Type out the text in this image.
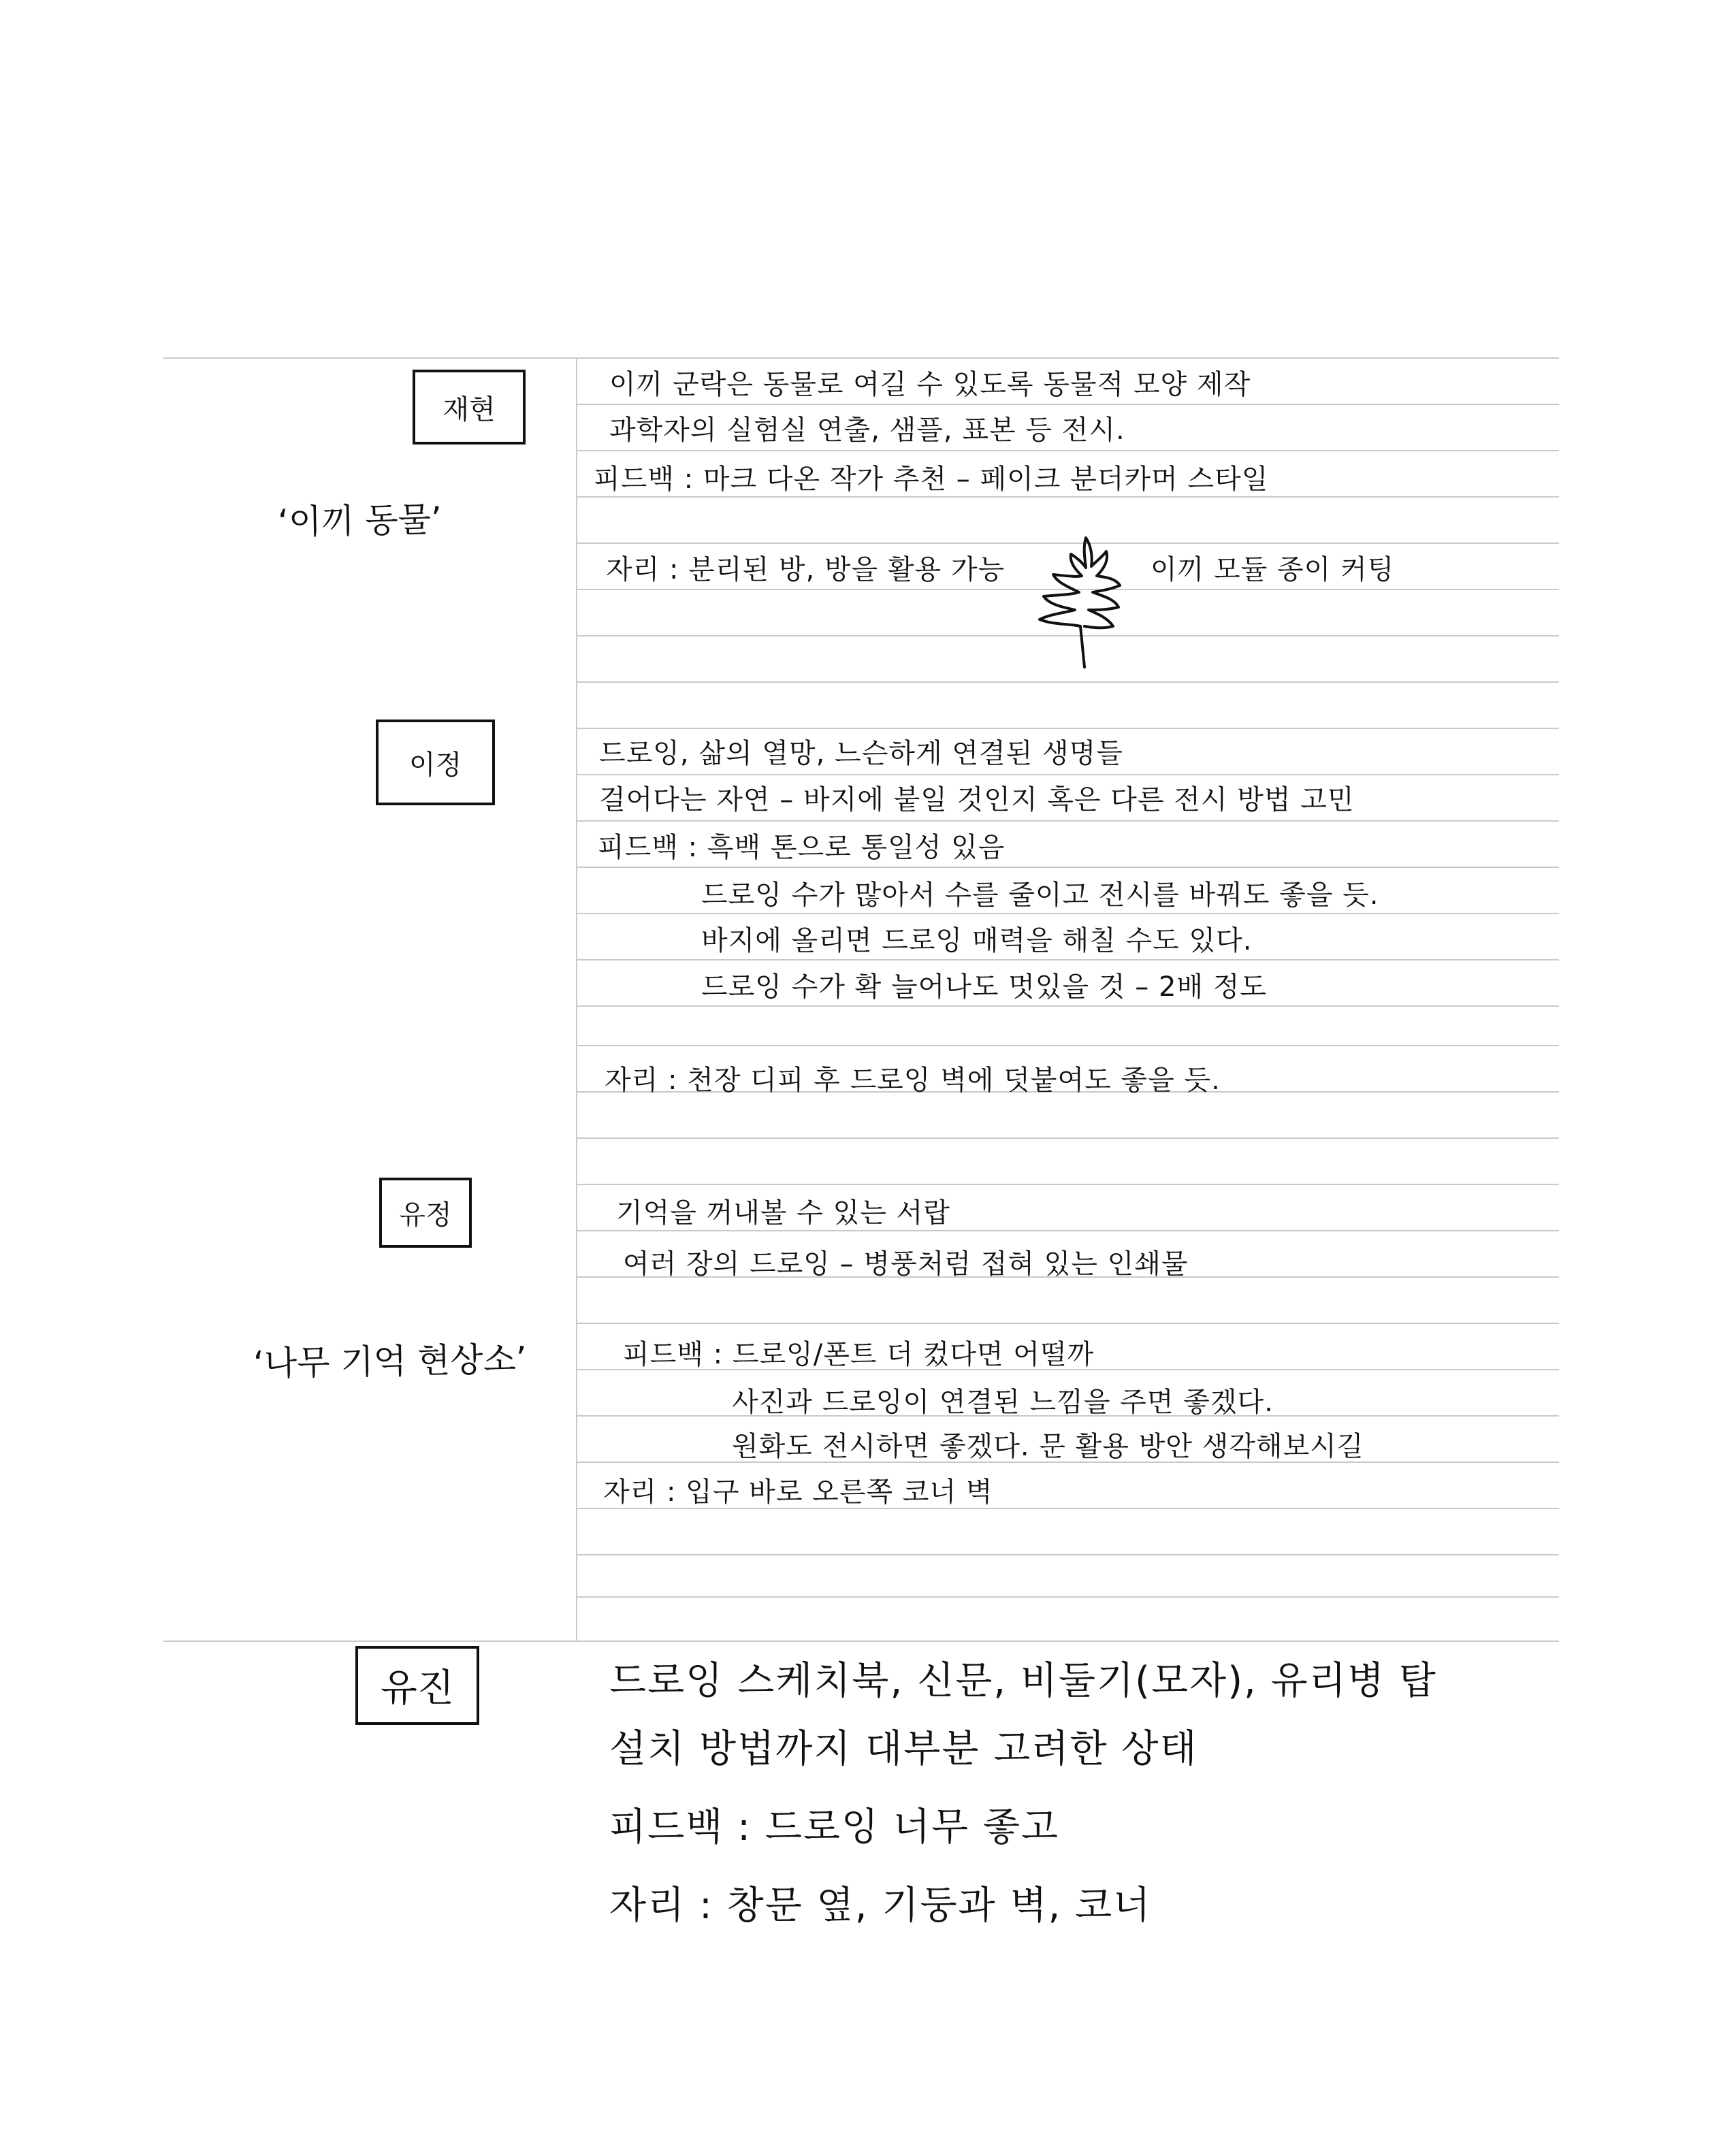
재현
‘이끼 동물’
이끼 군락은 동물로 여길 수 있도록 동물적 모양 제작
과학자의 실험실 연출, 샘플, 표본 등 전시.
피드백 : 마크 다온 작가 추천 – 페이크 분더카머 스타일
자리 : 분리된 방, 방을 활용 가능	이끼 모듈 종이 커팅
이정	드로잉, 삶의 열망, 느슨하게 연결된 생명들
걸어다는 자연 – 바지에 붙일 것인지 혹은 다른 전시 방법 고민
피드백 : 흑백 톤으로 통일성 있음
드로잉 수가 많아서 수를 줄이고 전시를 바꿔도 좋을 듯.
바지에 올리면 드로잉 매력을 해칠 수도 있다.
드로잉 수가 확 늘어나도 멋있을 것 – 2배 정도
자리 : 천장 디피 후 드로잉 벽에 덧붙여도 좋을 듯.
유정
‘나무 기억 현상소’
기억을 꺼내볼 수 있는 서랍
여러 장의 드로잉 – 병풍처럼 접혀 있는 인쇄물
피드백 : 드로잉/폰트 더 컸다면 어떨까
사진과 드로잉이 연결된 느낌을 주면 좋겠다.
원화도 전시하면 좋겠다. 문 활용 방안 생각해보시길
자리 : 입구 바로 오른쪽 코너 벽
유진	드로잉 스케치북, 신문, 비둘기(모자), 유리병 탑
설치 방법까지 대부분 고려한 상태
피드백 : 드로잉 너무 좋고
자리 : 창문 옆, 기둥과 벽, 코너
